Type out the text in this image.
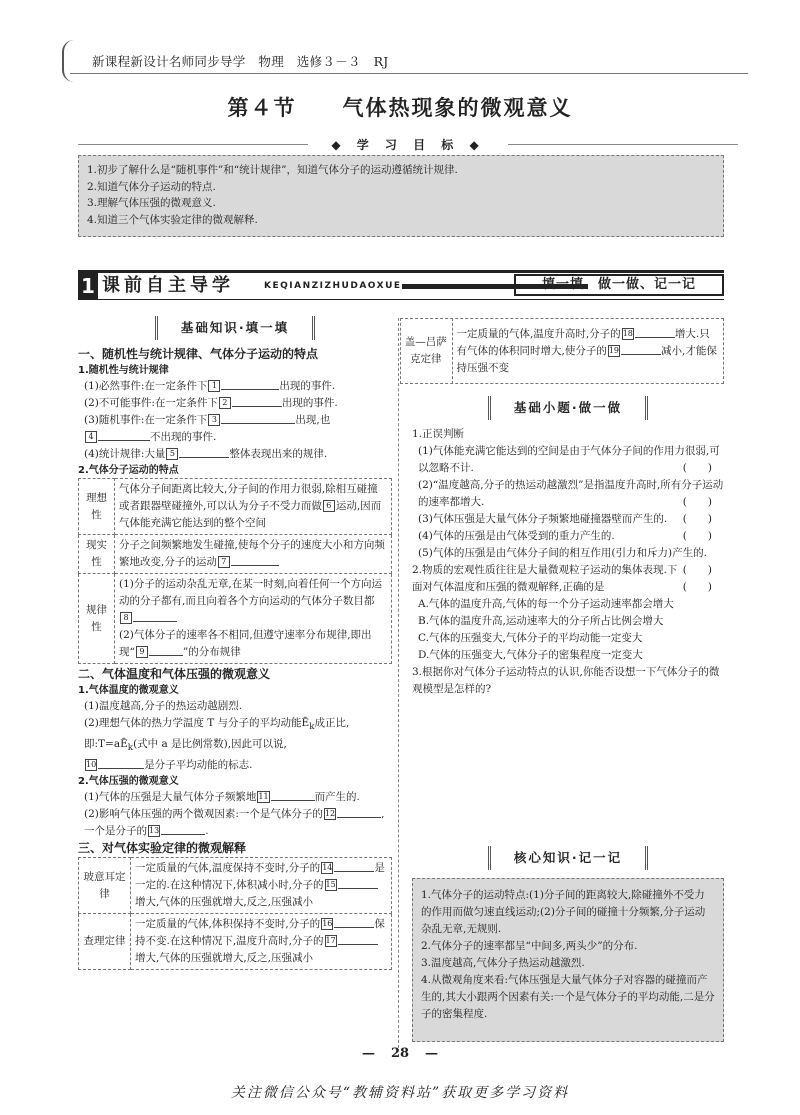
新课程新设计名师同步导学　物理　选修３－３　RJ
第４节　　气体热现象的微观意义
◆ 学 习 目 标 ◆
1.初步了解什么是“随机事件”和“统计规律”，知道气体分子的运动遵循统计规律.
2.知道气体分子运动的特点.
3.理解气体压强的微观意义.
4.知道三个气体实验定律的微观解释.
1 课前自主导学	KEQIANZIZHUDAOXUE	填一填、做一做、记一记
基础知识·填一填
一、随机性与统计规律、气体分子运动的特点
1.随机性与统计规律
(1)必然事件:在一定条件下 1	出现的事件.
(2)不可能事件:在一定条件下 2	出现的事件.
(3)随机事件:在一定条件下 3	出现,也
4	不出现的事件.
(4)统计规律:大量 5	整体表现出来的规律.
2.气体分子运动的特点
理想性	气体分子间距离比较大,分子间的作用力很弱,除相互碰撞或者跟器壁碰撞外,可以认为分子不受力而做 6 运动,因而气体能充满它能达到的整个空间
现实性	分子之间频繁地发生碰撞,使每个分子的速度大小和方向频繁地改变,分子的运动 7
规律性	(1)分子的运动杂乱无章,在某一时刻,向着任何一个方向运动的分子都有,而且向着各个方向运动的气体分子数目都8
(2)气体分子的速率各不相同,但遵守速率分布规律,即出现“ 9 ”的分布规律
二、气体温度和气体压强的微观意义
1.气体温度的微观意义
(1)温度越高,分子的热运动越剧烈.
(2)理想气体的热力学温度 T 与分子的平均动能$Ē_k$成正比,即$:T=aĒ_k$(式中 a 是比例常数),因此可以说,
10	是分子平均动能的标志.
2.气体压强的微观意义
(1)气体的压强是大量气体分子频繁地 11	而产生的.
(2)影响气体压强的两个微观因素:一个是气体分子的 12	,一个是分子的 13	.
三、对气体实验定律的微观解释
玻意耳定律	一定质量的气体,温度保持不变时,分子的 14 是一定的.在这种情况下,体积减小时,分子的 15增大,气体的压强就增大,反之,压强减小
查理定律	一定质量的气体,体积保持不变时,分子的 16 保持不变.在这种情况下,温度升高时,分子的 17增大,气体的压强就增大,反之,压强减小
盖—吕萨克定律	一定质量的气体,温度升高时,分子的 18	增大.只有气体的体积同时增大,使分子的 19	减小,才能保持压强不变
基础小题·做一做
1.正误判断
(1)气体能充满它能达到的空间是由于气体分子间的作用力很弱,可以忽略不计.	(　　)
(2)“温度越高,分子的热运动越激烈”是指温度升高时,所有分子运动的速率都增大.	(　　)
(3)气体压强是大量气体分子频繁地碰撞器壁而产生的. (　　)
(4)气体的压强是由气体受到的重力产生的.	(　　)
(5)气体的压强是由气体分子间的相互作用(引力和斥力)产生的.
(　　)
2.物质的宏观性质往往是大量微观粒子运动的集体表现.下面对气体温度和压强的微观解释,正确的是	(　　)
A.气体的温度升高,气体的每一个分子运动速率都会增大
B.气体的温度升高,运动速率大的分子所占比例会增大
C.气体的压强变大,气体分子的平均动能一定变大
D.气体的压强变大,气体分子的密集程度一定变大
3.根据你对气体分子运动特点的认识,你能否设想一下气体分子的微观模型是怎样的?
核心知识·记一记
1.气体分子的运动特点:(1)分子间的距离较大,除碰撞外不受力的作用而做匀速直线运动;(2)分子间的碰撞十分频繁,分子运动杂乱无章,无规则.
2.气体分子的速率都呈“中间多,两头少”的分布.
3.温度越高,气体分子热运动越激烈.
4.从微观角度来看:气体压强是大量气体分子对容器的碰撞而产生的,其大小跟两个因素有关:一个是气体分子的平均动能,二是分子的密集程度.
— 28 —
关注微信公众号“教辅资料站”获取更多学习资料
